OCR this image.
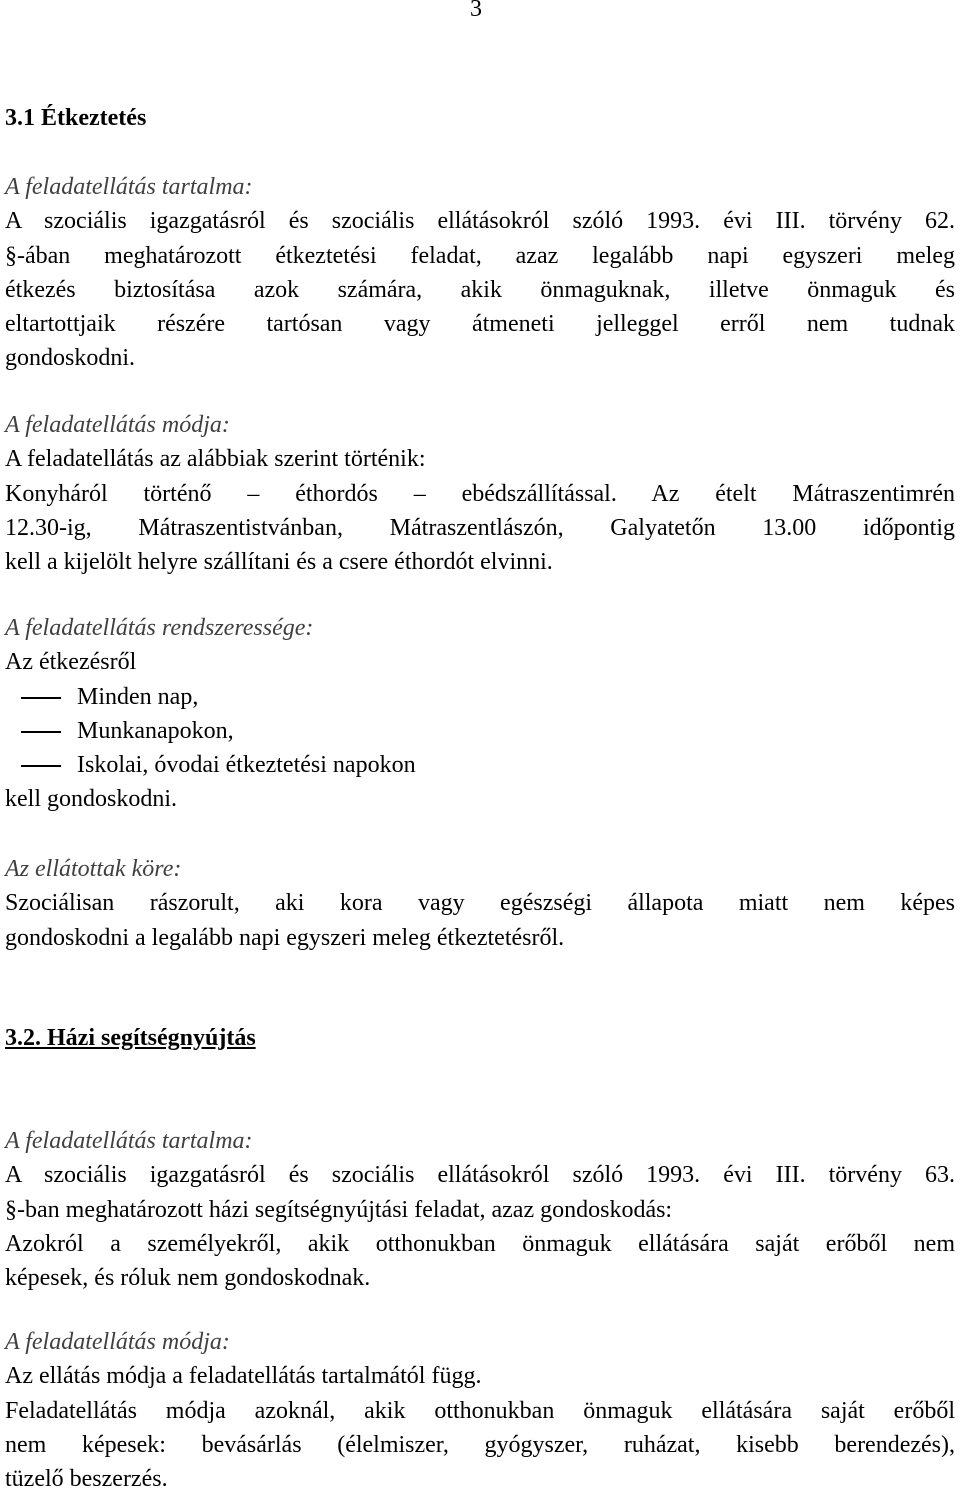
3
3.1 Étkeztetés

A feladatellátás tartalma:

A szociális igazgatásról és szociális ellátásokról szóló 1993. évi III. törvény 62.

§-ában meghatározott étkeztetési feladat, azaz legalább napi egyszeri meleg

étkezés biztosítása azok számára, akik önmaguknak, illetve önmaguk és

eltartottjaik részére tartósan vagy átmeneti jelleggel erről nem tudnak

gondoskodni.

A feladatellátás módja:

A feladatellátás az alábbiak szerint történik:

Konyháról történő – éthordós – ebédszállítással. Az ételt Mátraszentimrén

12.30-ig, Mátraszentistvánban, Mátraszentlászón, Galyatetőn 13.00 időpontig

kell a kijelölt helyre szállítani és a csere éthordót elvinni.

A feladatellátás rendszeressége:

Az étkezésről

Minden nap,

Munkanapokon,

Iskolai, óvodai étkeztetési napokon

kell gondoskodni.

Az ellátottak köre:

Szociálisan rászorult, aki kora vagy egészségi állapota miatt nem képes

gondoskodni a legalább napi egyszeri meleg étkeztetésről.

3.2. Házi segítségnyújtás

A feladatellátás tartalma:

A szociális igazgatásról és szociális ellátásokról szóló 1993. évi III. törvény 63.

§-ban meghatározott házi segítségnyújtási feladat, azaz gondoskodás:

Azokról a személyekről, akik otthonukban önmaguk ellátására saját erőből nem

képesek, és róluk nem gondoskodnak.

A feladatellátás módja:

Az ellátás módja a feladatellátás tartalmától függ.

Feladatellátás módja azoknál, akik otthonukban önmaguk ellátására saját erőből

nem képesek: bevásárlás (élelmiszer, gyógyszer, ruházat, kisebb berendezés),

tüzelő beszerzés.
